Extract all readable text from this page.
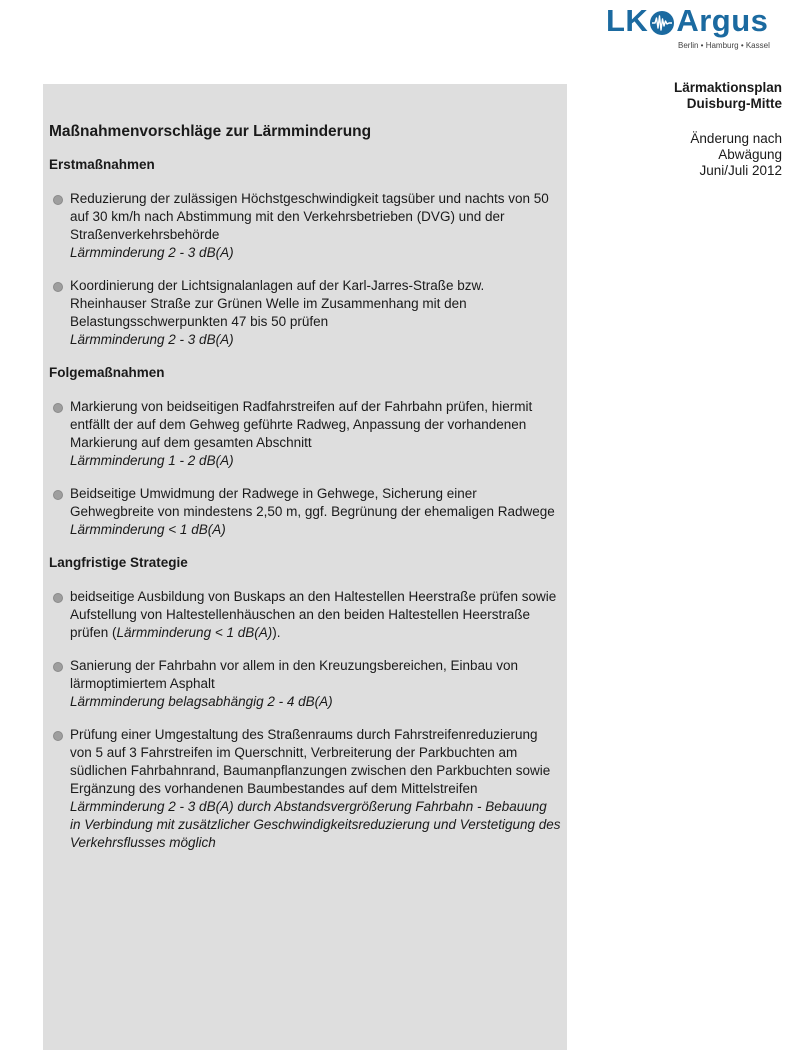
LK Argus
Berlin • Hamburg • Kassel
Lärmaktionsplan
Duisburg-Mitte
Änderung nach
Abwägung
Juni/Juli 2012
Maßnahmenvorschläge zur Lärmminderung
Erstmaßnahmen
Reduzierung der zulässigen Höchstgeschwindigkeit tagsüber und nachts von 50 auf 30 km/h nach Abstimmung mit den Verkehrsbetrieben (DVG) und der Straßenverkehrsbehörde
Lärmminderung 2 - 3 dB(A)
Koordinierung der Lichtsignalanlagen auf der Karl-Jarres-Straße bzw. Rheinhauser Straße zur Grünen Welle im Zusammenhang mit den Belastungsschwerpunkten 47 bis 50 prüfen
Lärmminderung 2 - 3 dB(A)
Folgemaßnahmen
Markierung von beidseitigen Radfahrstreifen auf der Fahrbahn prüfen, hiermit entfällt der auf dem Gehweg geführte Radweg, Anpassung der vorhandenen Markierung auf dem gesamten Abschnitt
Lärmminderung 1 - 2 dB(A)
Beidseitige Umwidmung der Radwege in Gehwege, Sicherung einer Gehwegbreite von mindestens 2,50 m, ggf. Begrünung der ehemaligen Radwege
Lärmminderung < 1 dB(A)
Langfristige Strategie
beidseitige Ausbildung von Buskaps an den Haltestellen Heerstraße prüfen sowie Aufstellung von Haltestellenhäuschen an den beiden Haltestellen Heerstraße prüfen (Lärmminderung < 1 dB(A)).
Sanierung der Fahrbahn vor allem in den Kreuzungsbereichen, Einbau von lärmoptimiertem Asphalt
Lärmminderung belagsabhängig 2 - 4 dB(A)
Prüfung einer Umgestaltung des Straßenraums durch Fahrstreifenreduzierung von 5 auf 3 Fahrstreifen im Querschnitt, Verbreiterung der Parkbuchten am südlichen Fahrbahnrand, Baumanpflanzungen zwischen den Parkbuchten sowie Ergänzung des vorhandenen Baumbestandes auf dem Mittelstreifen
Lärmminderung 2 - 3 dB(A) durch Abstandsvergrößerung Fahrbahn - Bebauung in Verbindung mit zusätzlicher Geschwindigkeitsreduzierung und Verstetigung des Verkehrsflusses möglich
